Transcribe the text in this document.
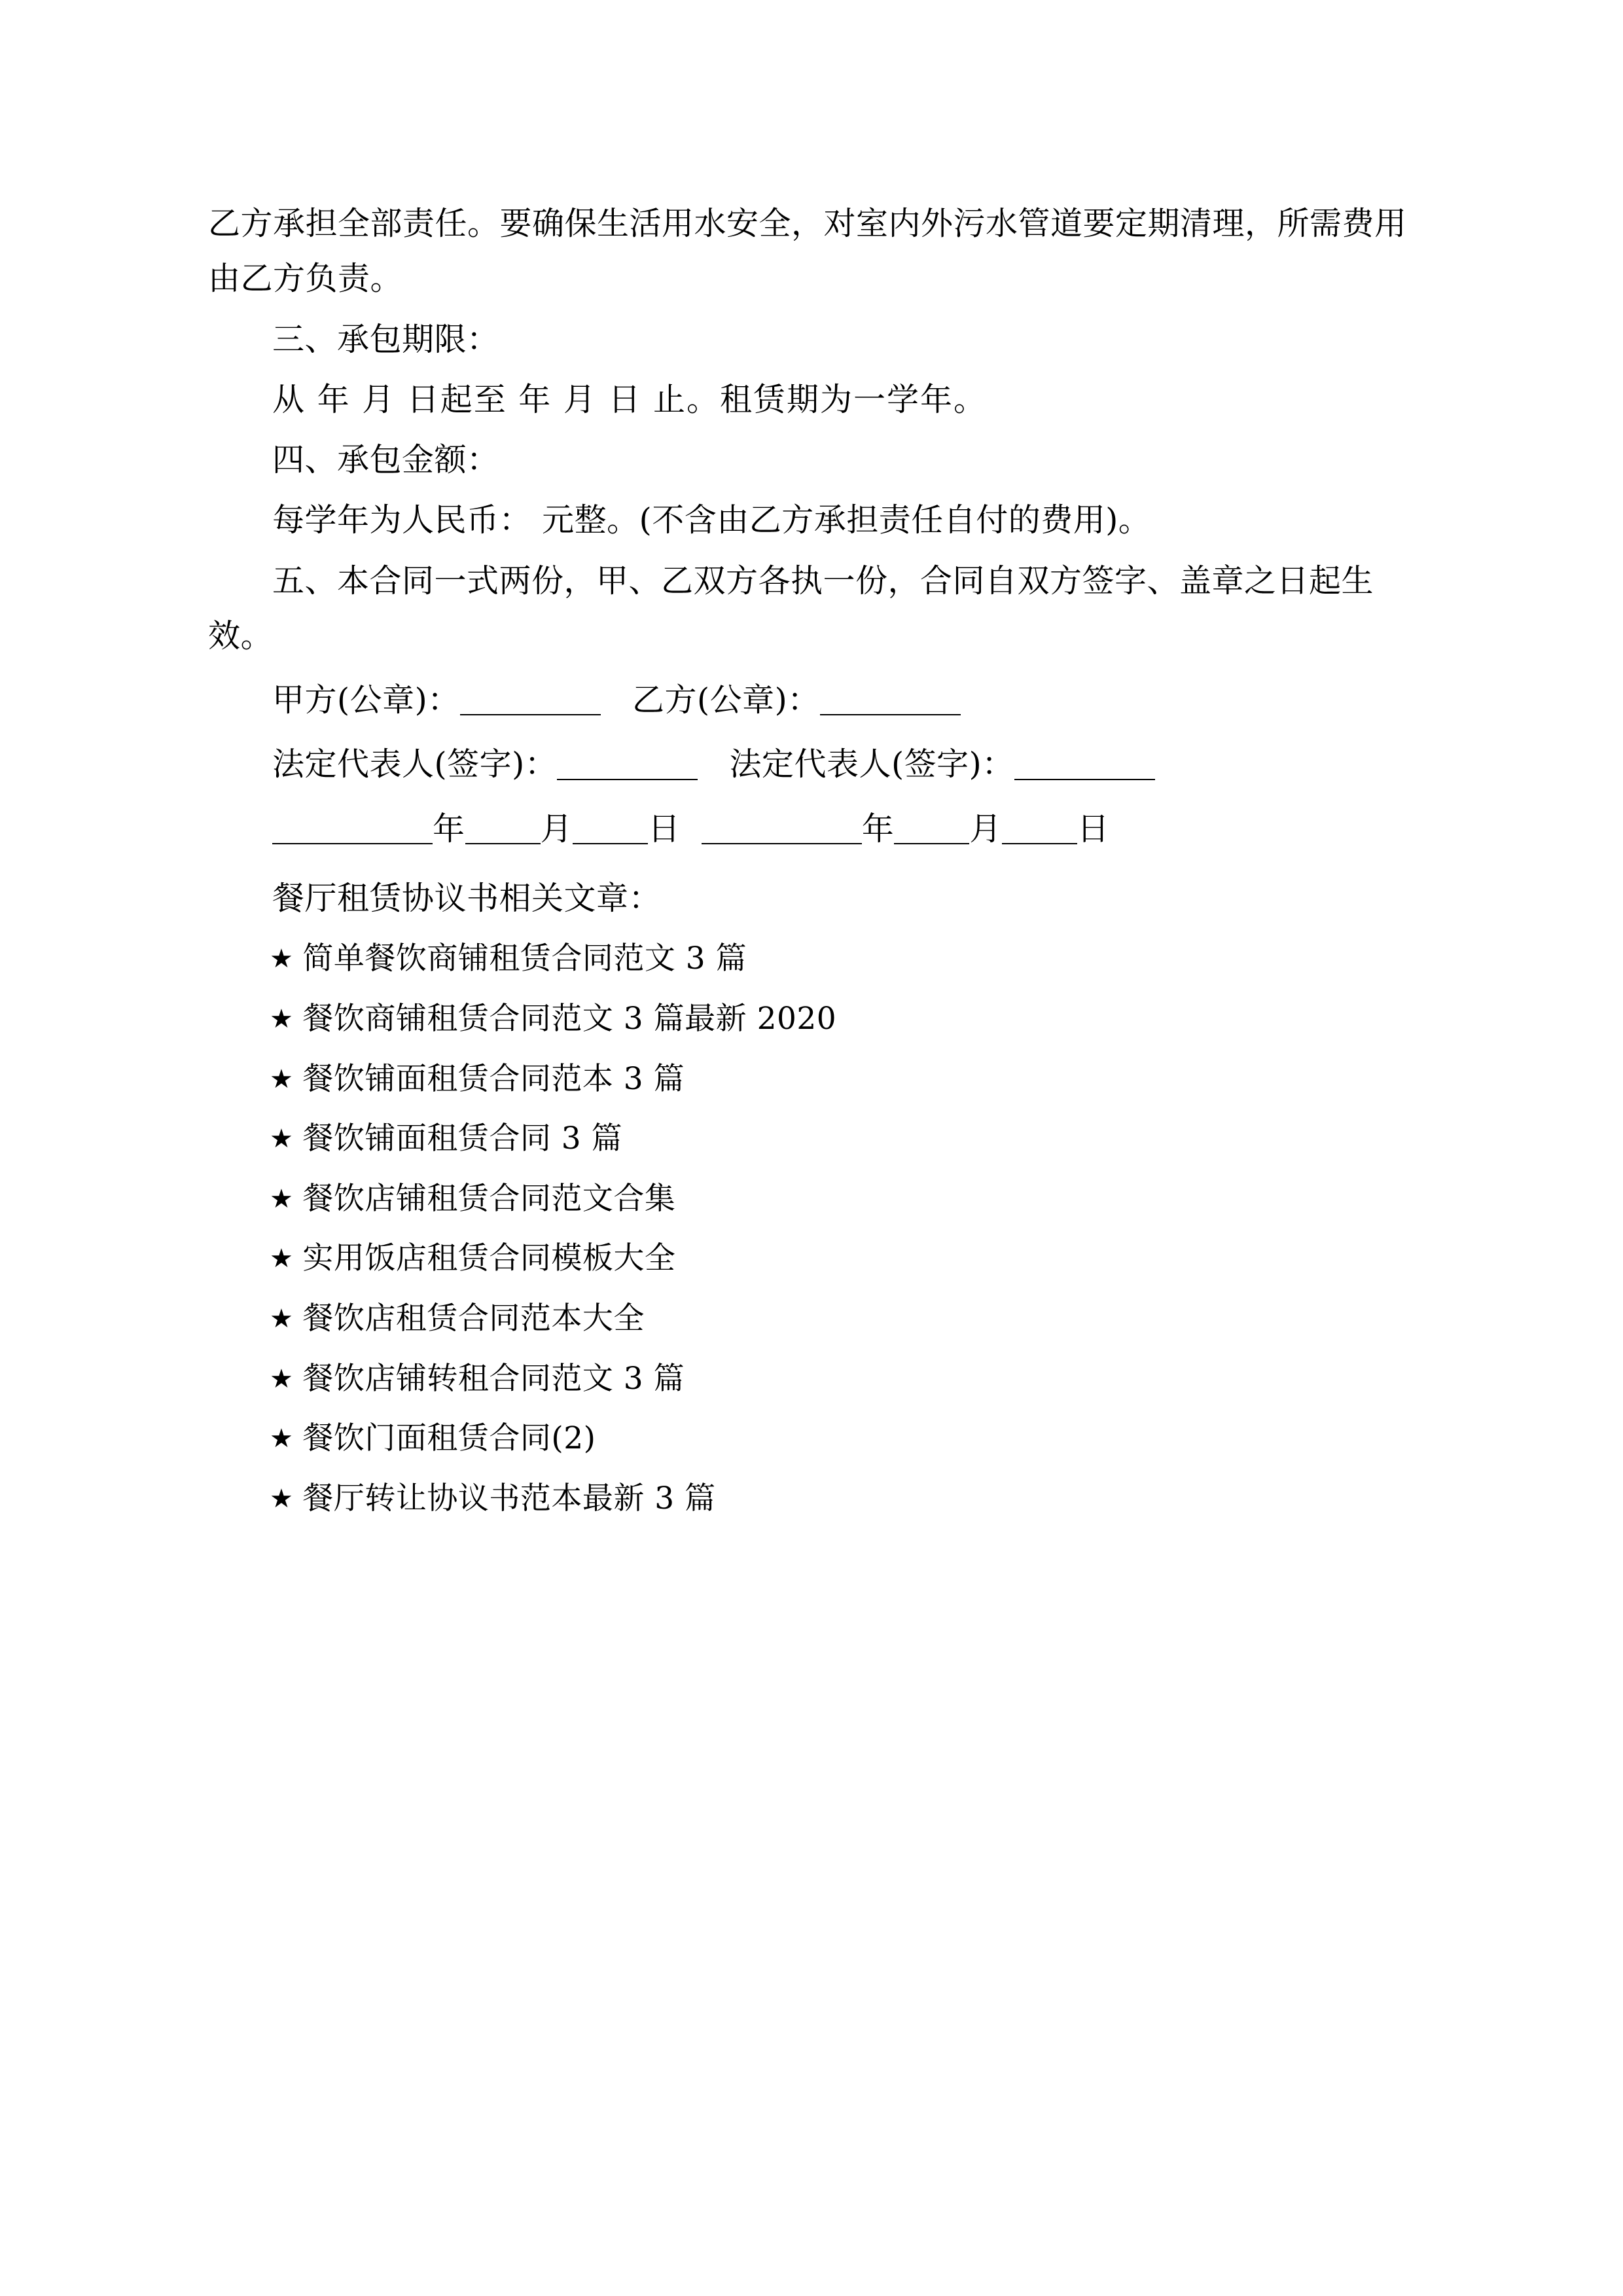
乙方承担全部责任。要确保生活用水安全，对室内外污水管道要定期清理，所需费用由乙方负责。

三、承包期限：

从 年 月 日起至 年 月 日 止。租赁期为一学年。

四、承包金额：

每学年为人民币： 元整。(不含由乙方承担责任自付的费用)。

五、本合同一式两份，甲、乙双方各执一份，合同自双方签字、盖章之日起生效。

甲方(公章)：	乙方(公章)：

法定代表人(签字)：	法定代表人(签字)：

年 月 日	年 月 日

餐厅租赁协议书相关文章：

★ 简单餐饮商铺租赁合同范文 3 篇
★ 餐饮商铺租赁合同范文 3 篇最新 2020
★ 餐饮铺面租赁合同范本 3 篇
★ 餐饮铺面租赁合同 3 篇
★ 餐饮店铺租赁合同范文合集
★ 实用饭店租赁合同模板大全
★ 餐饮店租赁合同范本大全
★ 餐饮店铺转租合同范文 3 篇
★ 餐饮门面租赁合同(2)
★ 餐厅转让协议书范本最新 3 篇
